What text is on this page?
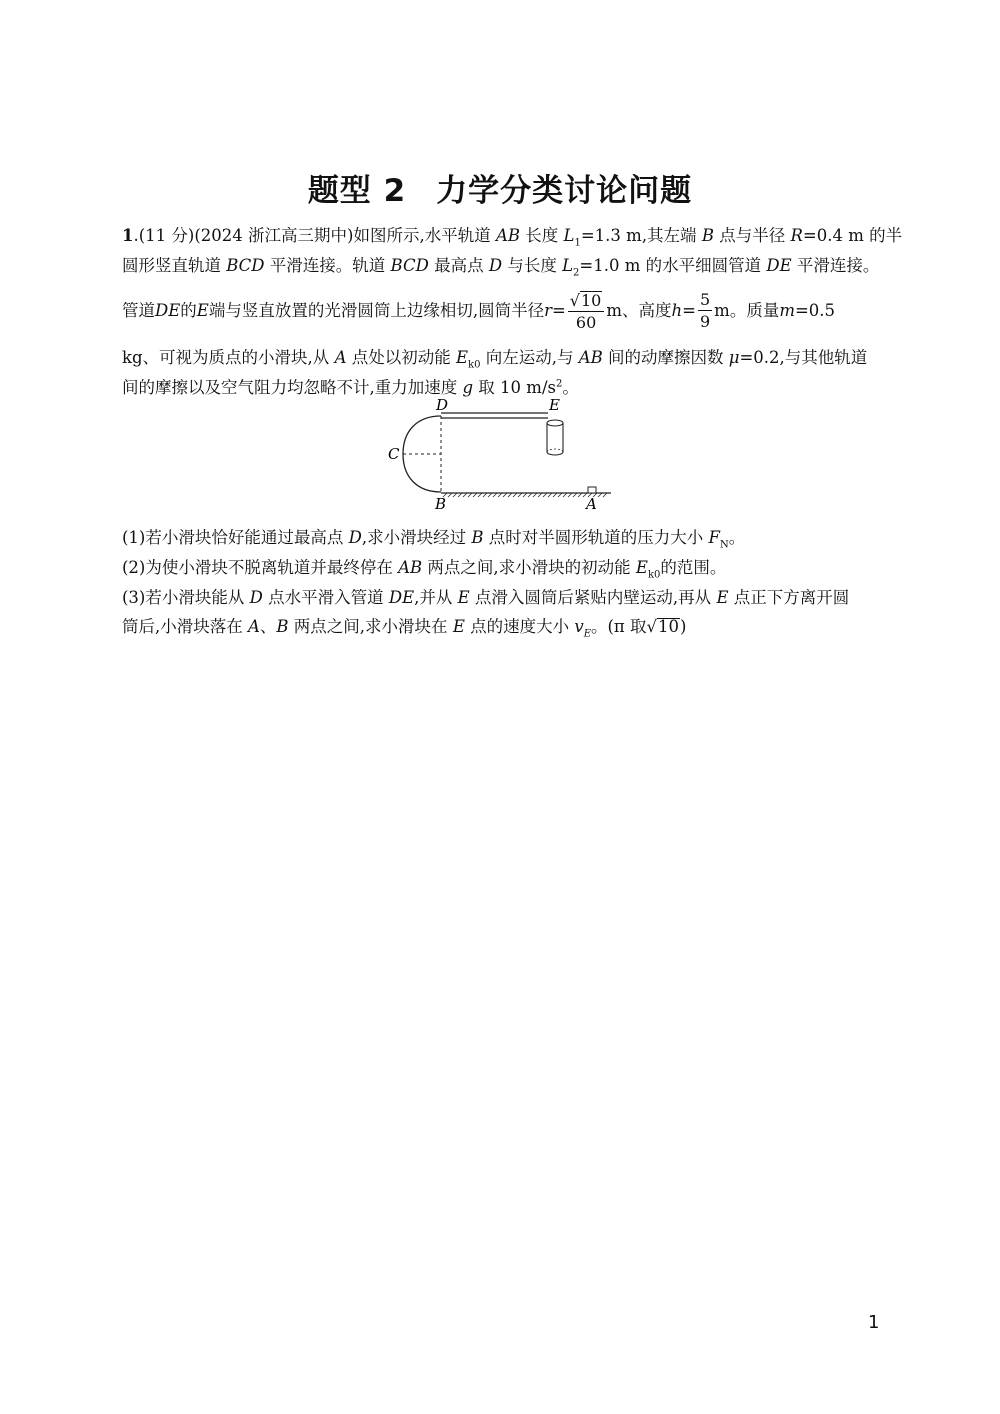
题型 2 力学分类讨论问题
1.(11 分)(2024 浙江高三期中)如图所示,水平轨道 AB 长度 $L_1=1.3$ m,其左端 B 点与半径 R=0.4 m 的半
圆形竖直轨道 BCD 平滑连接。轨道 BCD 最高点 D 与长度 $L_2=1.0$ m 的水平细圆管道 DE 平滑连接。
管道 DE 的 E 端与竖直放置的光滑圆筒上边缘相切,圆筒半径 $r = \frac{√ 10}{60}$ m、高度 $h = \frac{5}{9}$ m。质量 m =0.5
kg、可视为质点的小滑块,从 A 点处以初动能 $E_{k0}$ 向左运动,与 AB 间的动摩擦因数 μ=0.2,与其他轨道
间的摩擦以及空气阻力均忽略不计,重力加速度 g 取 10 $m/s^2$。
D	E
C
B	A
(1)若小滑块恰好能通过最高点 D,求小滑块经过 B 点时对半圆形轨道的压力大小 $F_N$。
(2)为使小滑块不脱离轨道并最终停在 AB 两点之间,求小滑块的初动能 $E_{k0}$的范围。
(3)若小滑块能从 D 点水平滑入管道 DE,并从 E 点滑入圆筒后紧贴内壁运动,再从 E 点正下方离开圆
筒后,小滑块落在 A、B 两点之间,求小滑块在 E 点的速度大小 $v_E$。(π 取 √ 10 )
1
